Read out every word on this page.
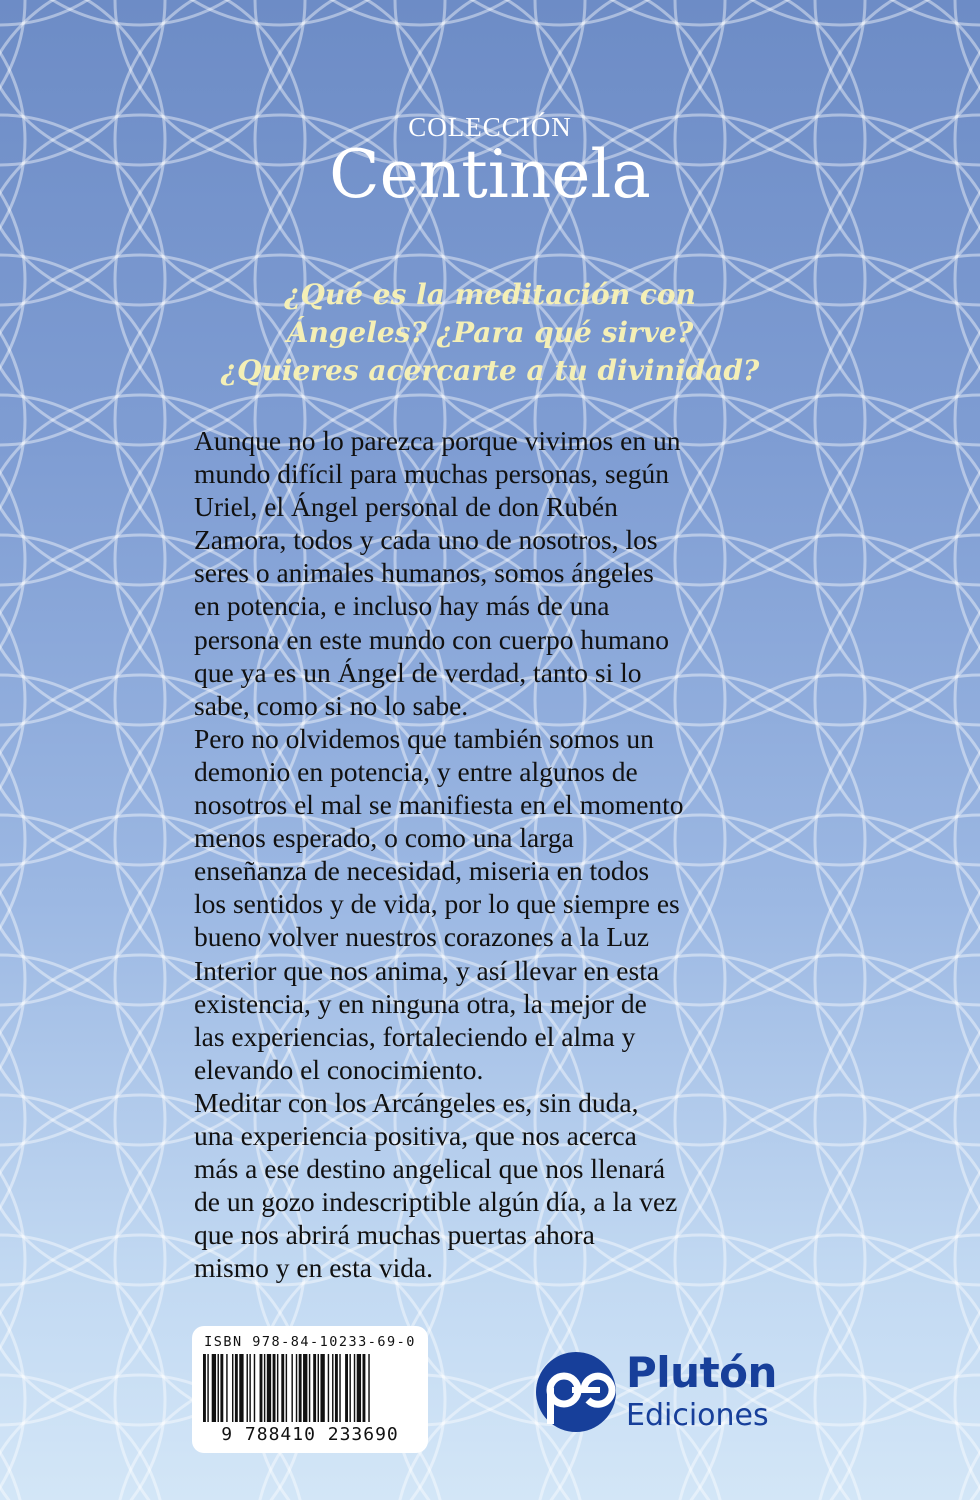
COLECCIÓN
Centinela
¿Qué es la meditación con
Ángeles? ¿Para qué sirve?
¿Quieres acercarte a tu divinidad?
Aunque no lo parezca porque vivimos en un
mundo difícil para muchas personas, según
Uriel, el Ángel personal de don Rubén
Zamora, todos y cada uno de nosotros, los
seres o animales humanos, somos ángeles
en potencia, e incluso hay más de una
persona en este mundo con cuerpo humano
que ya es un Ángel de verdad, tanto si lo
sabe, como si no lo sabe.
Pero no olvidemos que también somos un
demonio en potencia, y entre algunos de
nosotros el mal se manifiesta en el momento
menos esperado, o como una larga
enseñanza de necesidad, miseria en todos
los sentidos y de vida, por lo que siempre es
bueno volver nuestros corazones a la Luz
Interior que nos anima, y así llevar en esta
existencia, y en ninguna otra, la mejor de
las experiencias, fortaleciendo el alma y
elevando el conocimiento.
Meditar con los Arcángeles es, sin duda,
una experiencia positiva, que nos acerca
más a ese destino angelical que nos llenará
de un gozo indescriptible algún día, a la vez
que nos abrirá muchas puertas ahora
mismo y en esta vida.
ISBN 978-84-10233-69-0
9 788410 233690
Plutón
Ediciones
